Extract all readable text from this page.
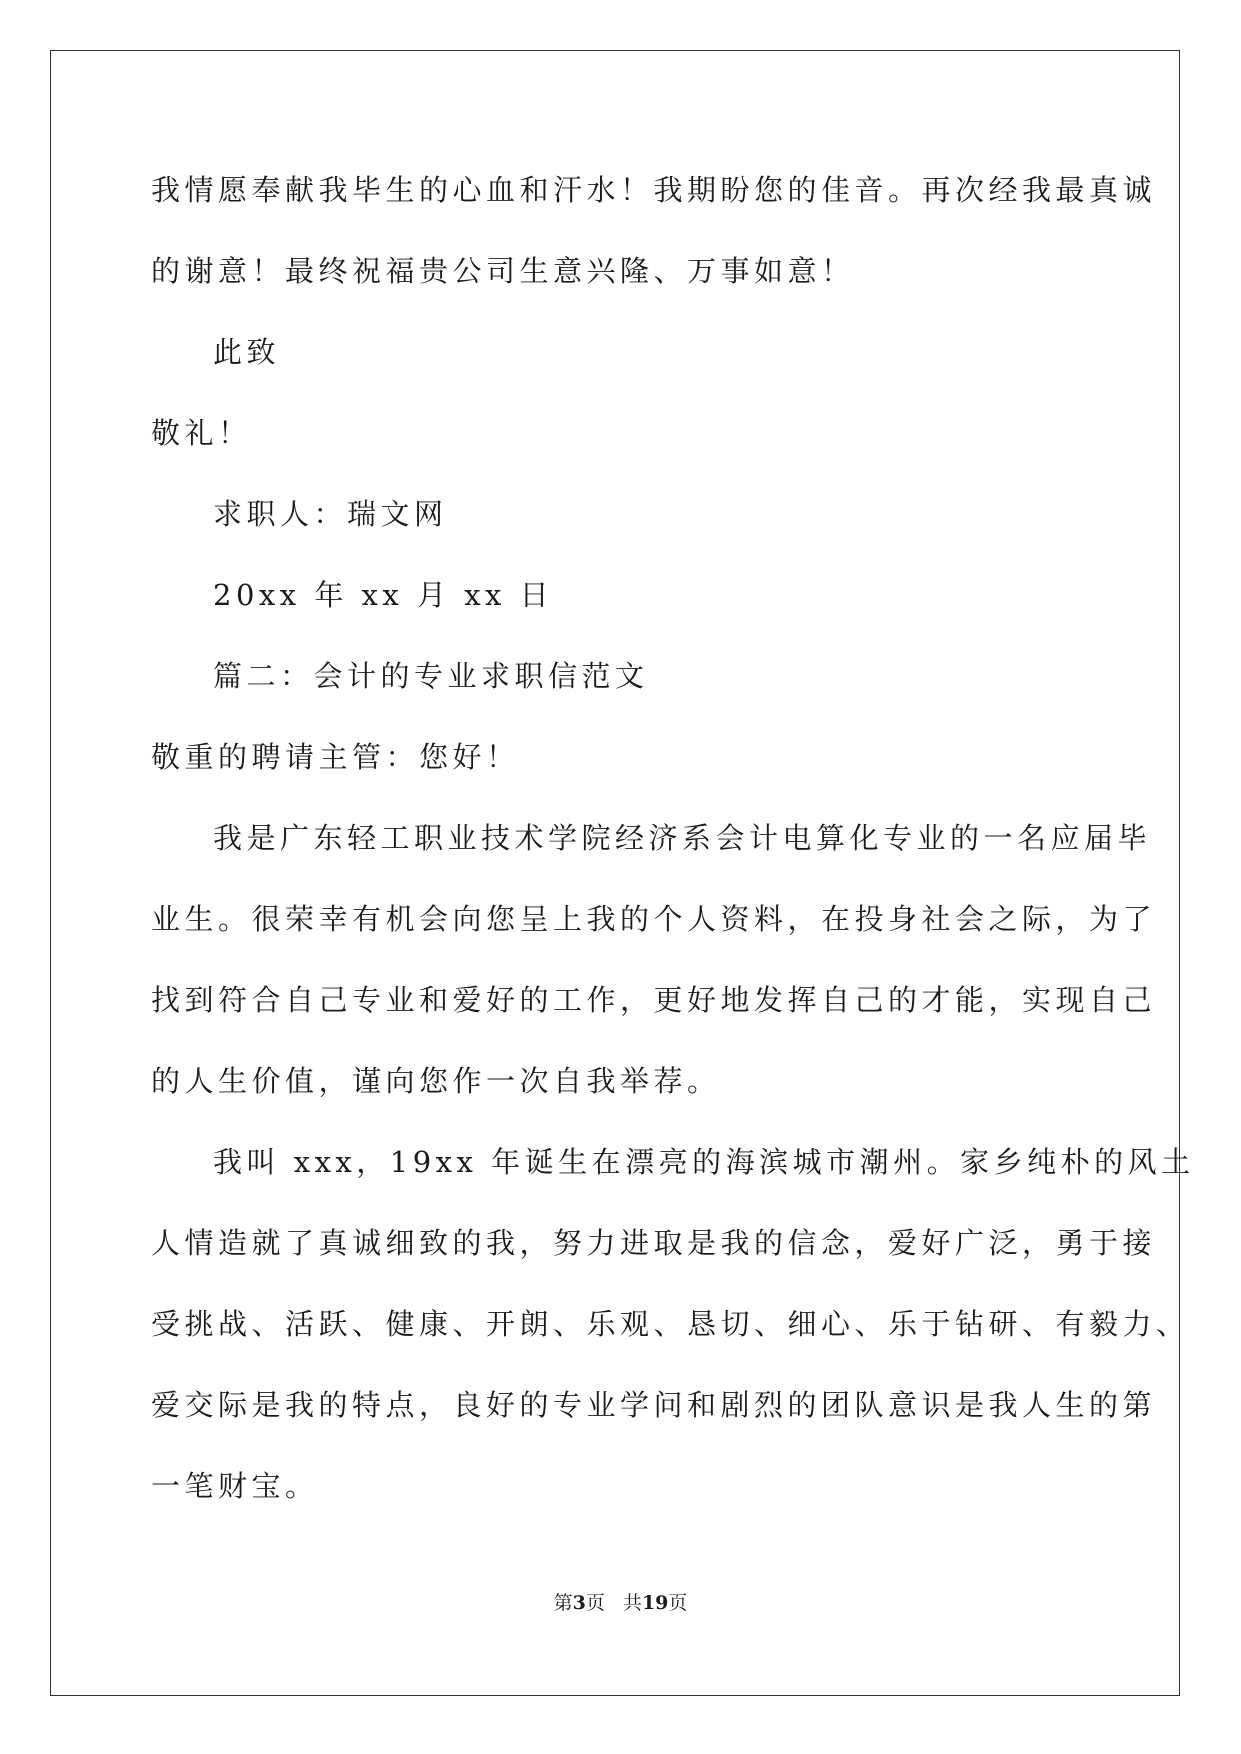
我情愿奉献我毕生的心血和汗水！我期盼您的佳音。再次经我最真诚
的谢意！最终祝福贵公司生意兴隆、万事如意！
此致
敬礼！
求职人：瑞文网
20xx 年 xx 月 xx 日
篇二：会计的专业求职信范文
敬重的聘请主管：您好！
我是广东轻工职业技术学院经济系会计电算化专业的一名应届毕
业生。很荣幸有机会向您呈上我的个人资料，在投身社会之际，为了
找到符合自己专业和爱好的工作，更好地发挥自己的才能，实现自己
的人生价值，谨向您作一次自我举荐。
我叫 xxx，19xx 年诞生在漂亮的海滨城市潮州。家乡纯朴的风土
人情造就了真诚细致的我，努力进取是我的信念，爱好广泛，勇于接
受挑战、活跃、健康、开朗、乐观、恳切、细心、乐于钻研、有毅力、
爱交际是我的特点，良好的专业学问和剧烈的团队意识是我人生的第
一笔财宝。
第3页   共19页
